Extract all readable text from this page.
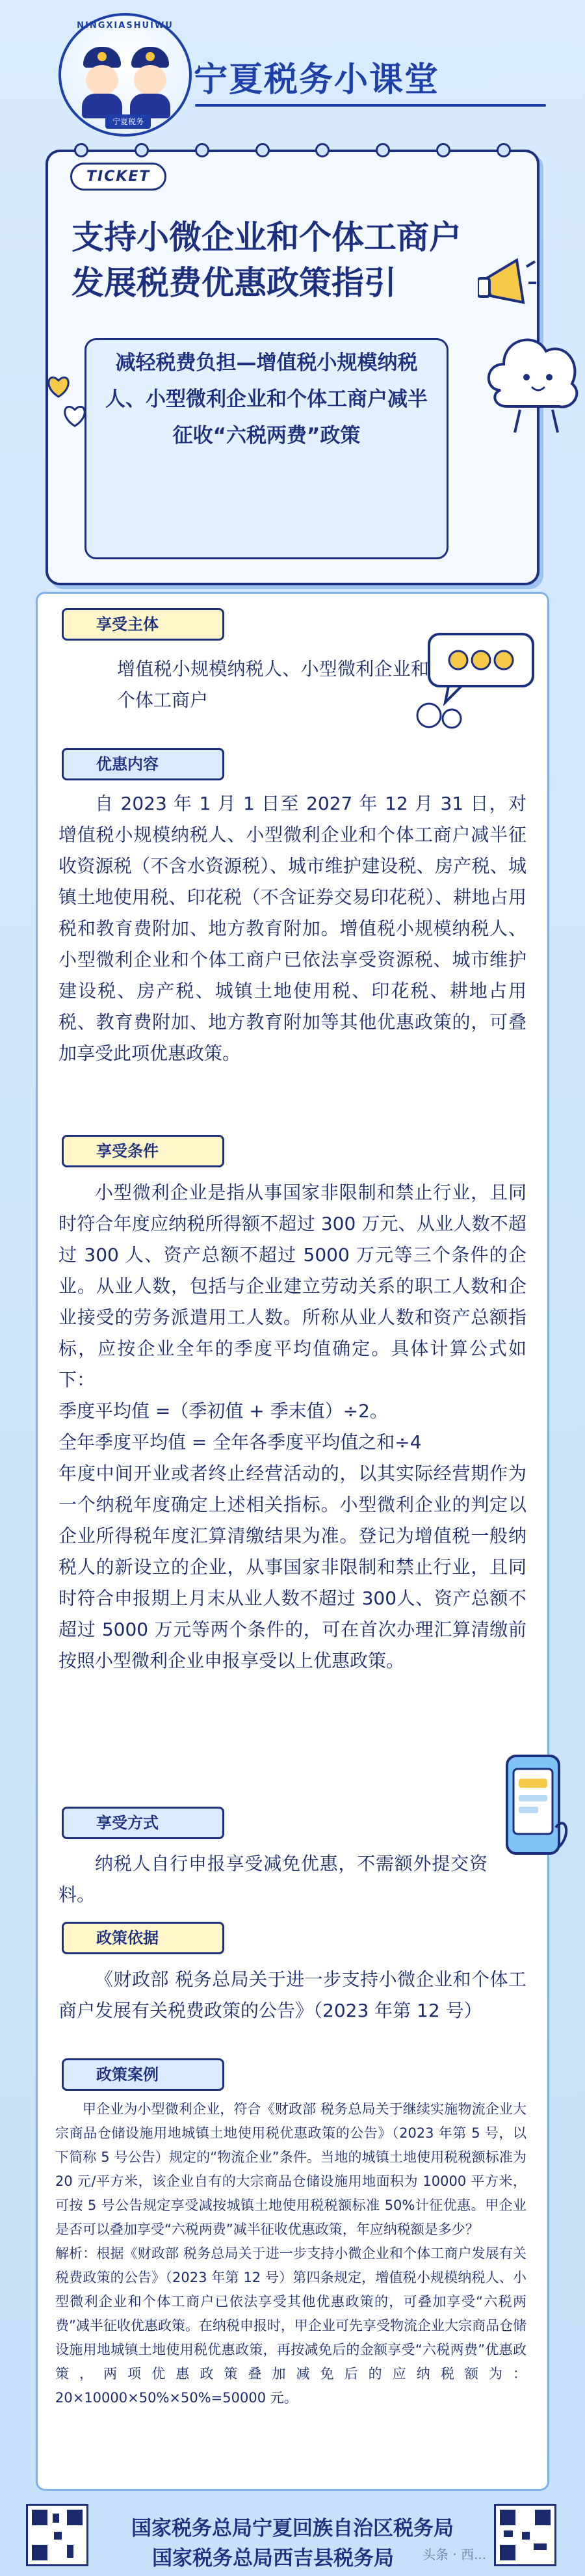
NINGXIASHUIWU
宁夏税务
宁夏税务小课堂
TICKET
支持小微企业和个体工商户
发展税费优惠政策指引
减轻税费负担—增值税小规模纳税人、小型微利企业和个体工商户减半征收“六税两费”政策
享受主体
增值税小规模纳税人、小型微利企业和个体工商户
优惠内容
自 2023 年 1 月 1 日至 2027 年 12 月 31 日，对增值税小规模纳税人、小型微利企业和个体工商户减半征收资源税（不含水资源税）、城市维护建设税、房产税、城镇土地使用税、印花税（不含证券交易印花税）、耕地占用税和教育费附加、地方教育附加。增值税小规模纳税人、小型微利企业和个体工商户已依法享受资源税、城市维护建设税、房产税、城镇土地使用税、印花税、耕地占用税、教育费附加、地方教育附加等其他优惠政策的，可叠加享受此项优惠政策。
享受条件
小型微利企业是指从事国家非限制和禁止行业，且同时符合年度应纳税所得额不超过 300 万元、从业人数不超过 300 人、资产总额不超过 5000 万元等三个条件的企业。从业人数，包括与企业建立劳动关系的职工人数和企业接受的劳务派遣用工人数。所称从业人数和资产总额指标，应按企业全年的季度平均值确定。具体计算公式如下：
季度平均值 =（季初值 + 季末值）÷2。
全年季度平均值 = 全年各季度平均值之和÷4
年度中间开业或者终止经营活动的，以其实际经营期作为一个纳税年度确定上述相关指标。小型微利企业的判定以企业所得税年度汇算清缴结果为准。登记为增值税一般纳税人的新设立的企业，从事国家非限制和禁止行业，且同时符合申报期上月末从业人数不超过 300人、资产总额不超过 5000 万元等两个条件的，可在首次办理汇算清缴前按照小型微利企业申报享受以上优惠政策。
享受方式
纳税人自行申报享受减免优惠，不需额外提交资料。
政策依据
《财政部 税务总局关于进一步支持小微企业和个体工商户发展有关税费政策的公告》（2023 年第 12 号）
政策案例
甲企业为小型微利企业，符合《财政部 税务总局关于继续实施物流企业大宗商品仓储设施用地城镇土地使用税优惠政策的公告》（2023 年第 5 号，以下简称 5 号公告）规定的“物流企业”条件。当地的城镇土地使用税税额标准为 20 元/平方米，该企业自有的大宗商品仓储设施用地面积为 10000 平方米，可按 5 号公告规定享受减按城镇土地使用税税额标准 50%计征优惠。甲企业是否可以叠加享受“六税两费”减半征收优惠政策，年应纳税额是多少？
解析：根据《财政部 税务总局关于进一步支持小微企业和个体工商户发展有关税费政策的公告》（2023 年第 12 号）第四条规定，增值税小规模纳税人、小型微利企业和个体工商户已依法享受其他优惠政策的，可叠加享受“六税两费”减半征收优惠政策。在纳税申报时，甲企业可先享受物流企业大宗商品仓储设施用地城镇土地使用税优惠政策，再按减免后的金额享受“六税两费”优惠政策，两项优惠政策叠加减免后的应纳税额为：20×10000×50%×50%=50000 元。
国家税务总局宁夏回族自治区税务局
国家税务总局西吉县税务局	头条 · 西...
